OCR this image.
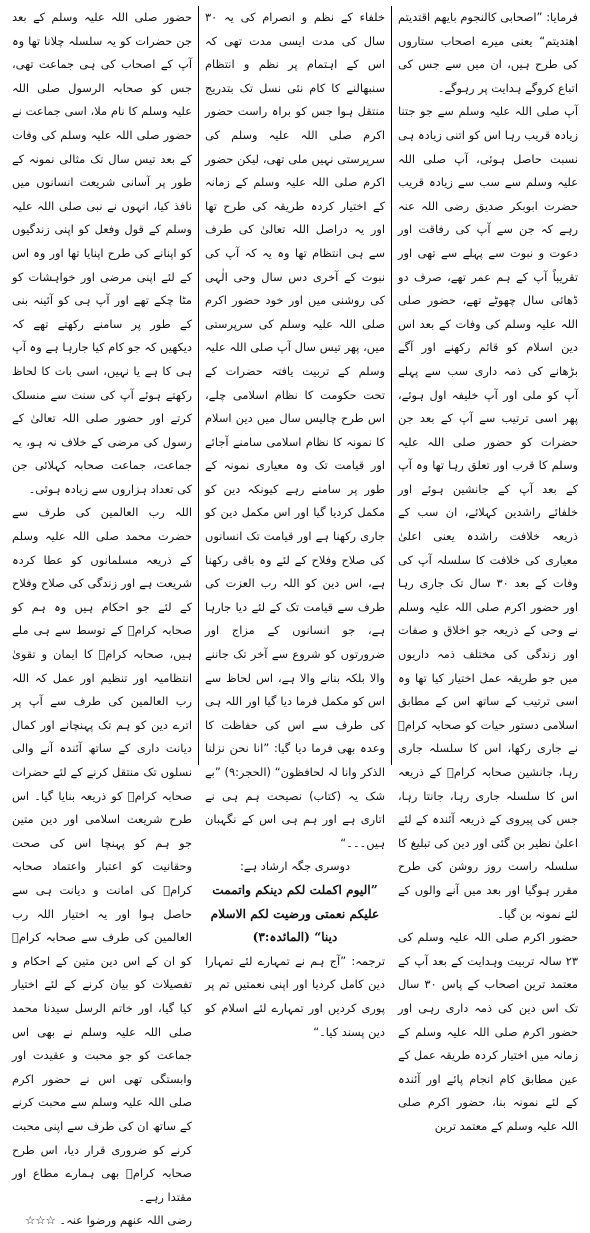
فرمایا: ”اصحابی کالنجوم بایھم اقتدیتم اھتدیتم“ یعنی میرے اصحاب ستاروں کی طرح ہیں، ان میں سے جس کی اتباع کروگے ہدایت پر رہوگے۔

آپ صلی اللہ علیہ وسلم سے جو جتنا زیادہ قریب رہا اس کو اتنی زیادہ ہی نسبت حاصل ہوئی، آپ صلی اللہ علیہ وسلم سے سب سے زیادہ قریب حضرت ابوبکر صدیق رضی اللہ عنہ رہے کہ جن سے آپ کی رفاقت اور دعوت و نبوت سے پہلے سے تھی اور تقریباً آپ کے ہم عمر تھے، صرف دو ڈھائی سال چھوٹے تھے، حضور صلی اللہ علیہ وسلم کی وفات کے بعد اس دین اسلام کو قائم رکھنے اور آگے بڑھانے کی ذمہ داری سب سے پہلے آپ کو ملی اور آپ خلیفہ اول ہوئے، پھر اسی ترتیب سے آپ کے بعد جن حضرات کو حضور صلی اللہ علیہ وسلم کا قرب اور تعلق رہا تھا وہ آپ کے بعد آپ کے جانشین ہوئے اور خلفائے راشدین کہلائے، ان سب کے ذریعہ خلافت راشدہ یعنی اعلیٰ معیاری کی خلافت کا سلسلہ آپ کی وفات کے بعد ۳۰ سال تک جاری رہا اور حضور اکرم صلی اللہ علیہ وسلم نے وحی کے ذریعہ جو اخلاق و صفات اور زندگی کی مختلف ذمہ داریوں میں جو طریقہ عمل اختیار کیا تھا وہ اسی ترتیب کے ساتھ اس کے مطابق اسلامی دستور حیات کو صحابہ کرامؓ نے جاری رکھا، اس کا سلسلہ جاری رہا، جانشین صحابہ کرامؓ کے ذریعہ اس کا سلسلہ جاری رہا، جانتا رہا، جس کی پیروی کے ذریعہ آئندہ کے لئے اعلیٰ نظیر بن گئی اور دین کی تبلیغ کا سلسلہ راست روز روشن کی طرح مقرر ہوگیا اور بعد میں آنے والوں کے لئے نمونہ بن گیا۔

حضور اکرم صلی اللہ علیہ وسلم کی ۲۳ سالہ تربیت وہدایت کے بعد آپ کے معتمد ترین اصحاب کے پاس ۳۰ سال تک اس دین کی ذمہ داری رہی اور حضور اکرم صلی اللہ علیہ وسلم کے زمانہ میں اختیار کردہ طریقہ عمل کے عین مطابق کام انجام پائے اور آئندہ کے لئے نمونہ بنا، حضور اکرم صلی اللہ علیہ وسلم کے معتمد ترین

خلفاء کے نظم و انصرام کی یہ ۳۰ سال کی مدت ایسی مدت تھی کہ اس کے اہتمام پر نظم و انتظام سنبھالنے کا کام نئی نسل تک بتدریج منتقل ہوا جس کو براہ راست حضور اکرم صلی اللہ علیہ وسلم کی سرپرستی نہیں ملی تھی، لیکن حضور اکرم صلی اللہ علیہ وسلم کے زمانہ کے اختیار کردہ طریقہ کی طرح تھا اور یہ دراصل اللہ تعالیٰ کی طرف سے ہی انتظام تھا وہ یہ کہ آپ کی نبوت کے آخری دس سال وحی الٰہی کی روشنی میں اور خود حضور اکرم صلی اللہ علیہ وسلم کی سرپرستی میں، پھر تیس سال آپ صلی اللہ علیہ وسلم کے تربیت یافتہ حضرات کے تحت حکومت کا نظام اسلامی چلے، اس طرح چالیس سال میں دین اسلام کا نمونہ کا نظام اسلامی سامنے آجائے اور قیامت تک وہ معیاری نمونہ کے طور پر سامنے رہے کیونکہ دین کو مکمل کردیا گیا اور اس مکمل دین کو جاری رکھنا ہے اور قیامت تک انسانوں کی صلاح وفلاح کے لئے وہ باقی رکھنا ہے، اس دین کو اللہ رب العزت کی طرف سے قیامت تک کے لئے دیا جارہا ہے، جو انسانوں کے مزاج اور ضرورتوں کو شروع سے آخر تک جاننے والا بلکہ بنانے والا ہے، اس لحاظ سے اس کو مکمل فرما دیا گیا اور اللہ ہی کی طرف سے اس کی حفاظت کا وعدہ بھی فرما دیا گیا: ”انا نحن نزلنا الذکر وانا لہ لحافظون“ (الحجر:۹) ”بے شک یہ (کتاب) نصیحت ہم ہی نے اتاری ہے اور ہم ہی اس کے نگہبان ہیں۔۔۔“

دوسری جگہ ارشاد ہے:

”الیوم اکملت لکم دینکم واتممت علیکم نعمتی ورضیت لکم الاسلام دینا“ (المائدہ:۳)

ترجمہ: ”آج ہم نے تمہارے لئے تمہارا دین کامل کردیا اور اپنی نعمتیں تم پر پوری کردیں اور تمہارے لئے اسلام کو دین پسند کیا۔“

حضور صلی اللہ علیہ وسلم کے بعد جن حضرات کو یہ سلسلہ چلانا تھا وہ آپ کے اصحاب کی ہی جماعت تھی، جس کو صحابہ الرسول صلی اللہ علیہ وسلم کا نام ملا، اسی جماعت نے حضور صلی اللہ علیہ وسلم کی وفات کے بعد تیس سال تک مثالی نمونہ کے طور پر آسانی شریعت انسانوں میں نافذ کیا، انہوں نے نبی صلی اللہ علیہ وسلم کے قول وفعل کو اپنی زندگیوں کو اپنانے کی طرح اپنایا تھا اور وہ اس کے لئے اپنی مرضی اور خواہشات کو مٹا چکے تھے اور آپ ہی کو آئینہ بنی کے طور پر سامنے رکھتے تھے کہ دیکھیں کہ جو کام کیا جارہا ہے وہ آپ ہی کا ہے یا نہیں، اسی بات کا لحاظ رکھتے ہوئے آپ کی سنت سے منسلک کرتے اور حضور صلی اللہ تعالیٰ کے رسول کی مرضی کے خلاف نہ ہو، یہ جماعت، جماعت صحابہ کہلائی جن کی تعداد ہزاروں سے زیادہ ہوئی۔

اللہ رب العالمین کی طرف سے حضرت محمد صلی اللہ علیہ وسلم کے ذریعہ مسلمانوں کو عطا کردہ شریعت ہے اور زندگی کی صلاح وفلاح کے لئے جو احکام ہیں وہ ہم کو صحابہ کرامؓ کے توسط سے ہی ملے ہیں، صحابہ کرامؓ کا ایمان و تقویٰ انتظامیہ اور تنظیم اور عمل کہ اللہ رب العالمین کی طرف سے آپ پر اترے دین کو ہم تک پہنچانے اور کمال دیانت داری کے ساتھ آئندہ آنے والی نسلوں تک منتقل کرنے کے لئے حضرات صحابہ کرامؓ کو ذریعہ بنایا گیا۔ اس طرح شریعت اسلامی اور دین متین جو ہم کو پہنچا اس کی صحت وحقانیت کو اعتبار واعتماد صحابہ کرامؓ کی امانت و دیانت ہی سے حاصل ہوا اور یہ اختیار اللہ رب العالمین کی طرف سے صحابہ کرامؓ کو ان کے اس دین متین کے احکام و تفصیلات کو بیان کرنے کے لئے اختیار کیا گیا، اور خاتم الرسل سیدنا محمد صلی اللہ علیہ وسلم نے بھی اس جماعت کو جو محبت و عقیدت اور وابستگی تھی اس نے حضور اکرم صلی اللہ علیہ وسلم سے محبت کرنے کے ساتھ ان کی طرف سے اپنی محبت کرنے کو ضروری قرار دیا، اس طرح صحابہ کرامؓ بھی ہمارے مطاع اور مقتدا رہے۔

رضی اللہ عنھم ورضوا عنہ۔ ☆☆☆
